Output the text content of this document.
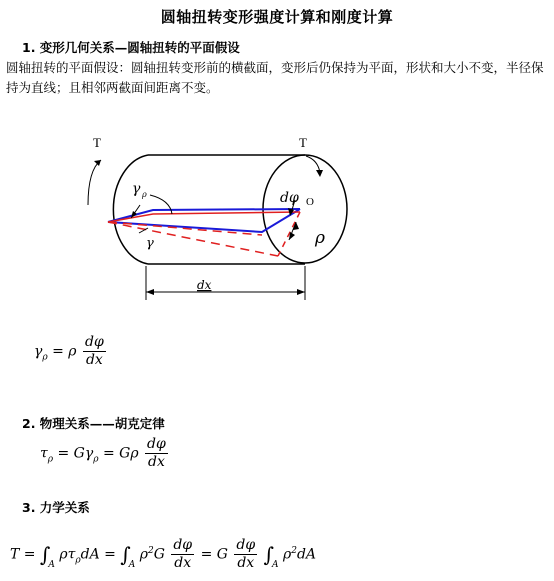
圆轴扭转变形强度计算和刚度计算
1. 变形几何关系—圆轴扭转的平面假设
圆轴扭转的平面假设：圆轴扭转变形前的横截面，变形后仍保持为平面，形状和大小不变，半径保持为直线；且相邻两截面间距离不变。
T	T
γ ρ
γ
dφ O
ρ
dx
$\gamma_\rho = \rho \frac{d\varphi}{dx}$
2. 物理关系——胡克定律
$\tau_\rho = G\gamma_\rho = G\rho \frac{d\varphi}{dx}$
3. 力学关系
$T = \int_A$ $\rho\tau_\rho dA = \int_A$ $\rho^2G \frac{d\varphi}{dx} = G \frac{d\varphi}{dx} \int_A$ $\rho^2dA$
